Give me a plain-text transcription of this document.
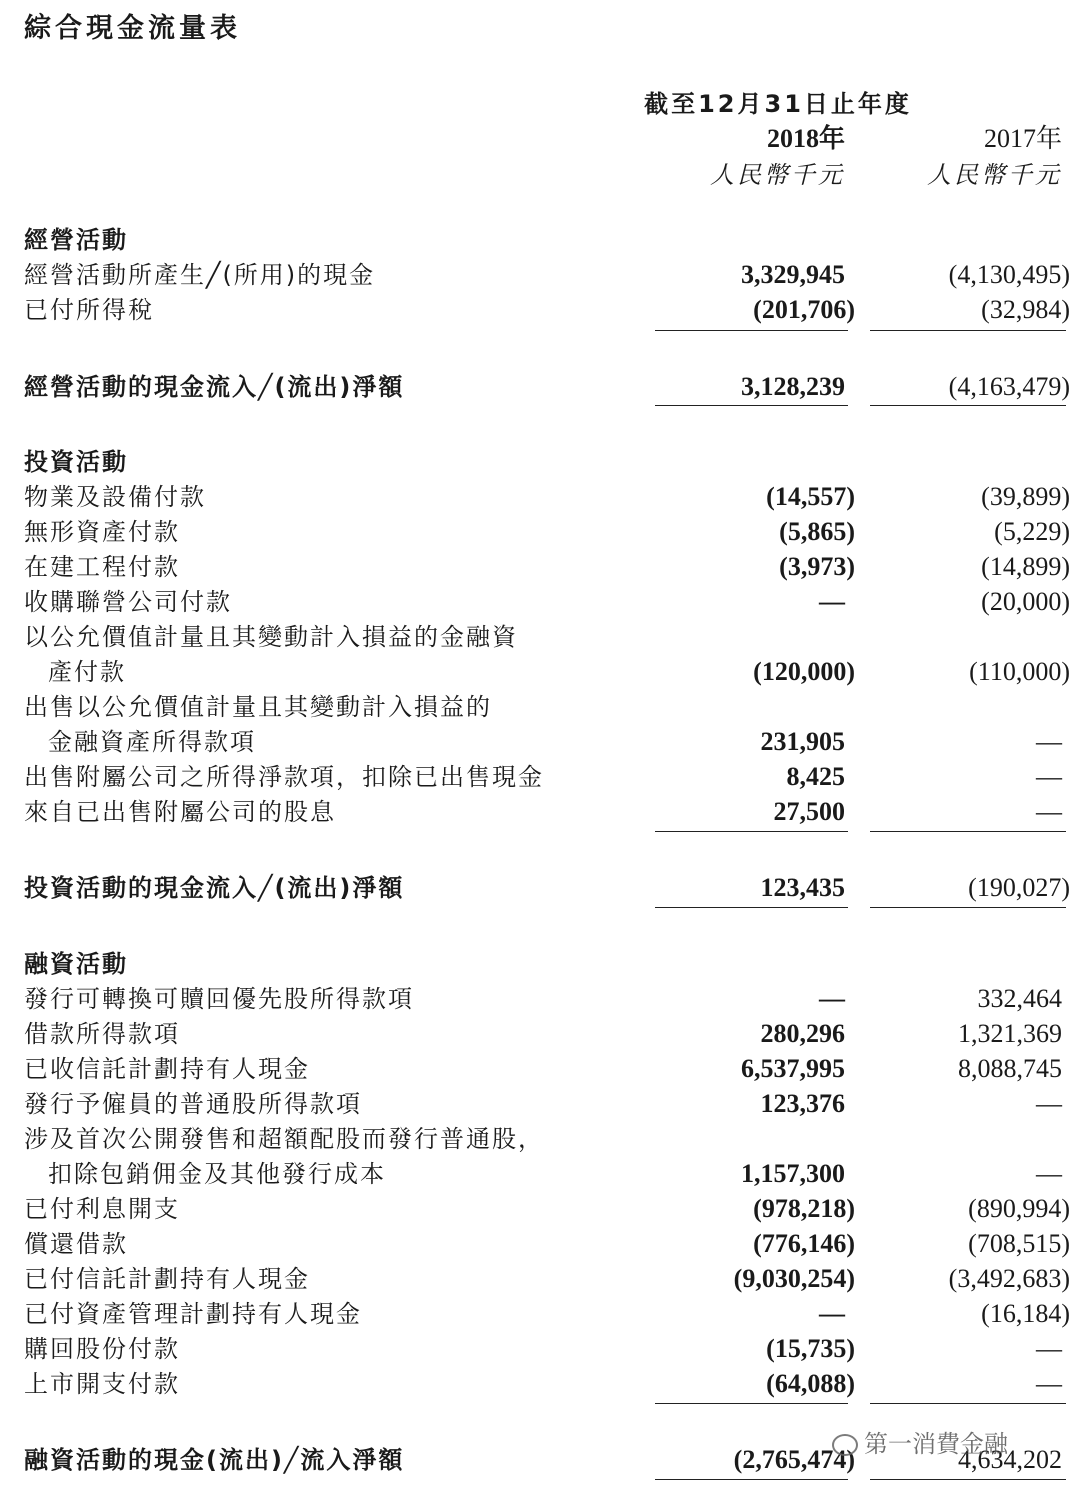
綜合現金流量表
截至12月31日止年度
2018年	2017年
人民幣千元	人民幣千元
經營活動
經營活動所產生╱(所用)的現金	3,329,945	(4,130,495)
已付所得稅	(201,706)	(32,984)
經營活動的現金流入╱(流出)淨額	3,128,239	(4,163,479)
投資活動
物業及設備付款	(14,557)	(39,899)
無形資產付款	(5,865)	(5,229)
在建工程付款	(3,973)	(14,899)
收購聯營公司付款	—	(20,000)
以公允價值計量且其變動計入損益的金融資
產付款	(120,000)	(110,000)
出售以公允價值計量且其變動計入損益的
金融資產所得款項	231,905	—
出售附屬公司之所得淨款項，扣除已出售現金	8,425	—
來自已出售附屬公司的股息	27,500	—
投資活動的現金流入╱(流出)淨額	123,435	(190,027)
融資活動
發行可轉換可贖回優先股所得款項	—	332,464
借款所得款項	280,296	1,321,369
已收信託計劃持有人現金	6,537,995	8,088,745
發行予僱員的普通股所得款項	123,376	—
涉及首次公開發售和超額配股而發行普通股，
扣除包銷佣金及其他發行成本	1,157,300	—
已付利息開支	(978,218)	(890,994)
償還借款	(776,146)	(708,515)
已付信託計劃持有人現金	(9,030,254)	(3,492,683)
已付資產管理計劃持有人現金	—	(16,184)
購回股份付款	(15,735)	—
上市開支付款	(64,088)	—
融資活動的現金(流出)╱流入淨額	(2,765,474)	4,634,202
第一消費金融
